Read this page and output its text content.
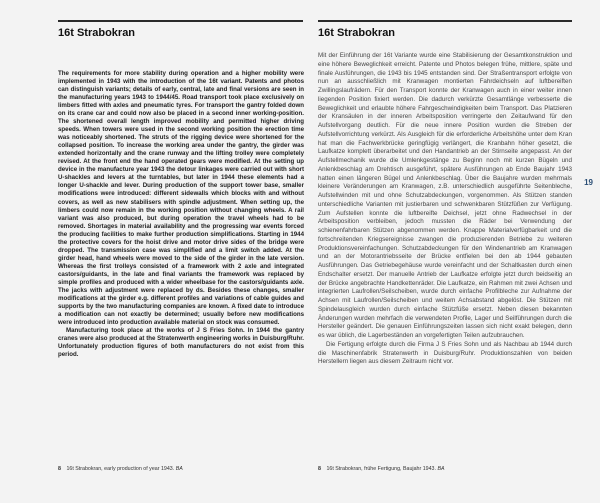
16t Strabokran

The requirements for more stability during operation and a higher mobility were implemented in 1943 with the introduction of the 16t variant. Patents and photos can distinguish variants; details of early, central, late and final versions are seen in the manufacturing years 1943 to 1944/45. Road transport took place exclusively on limbers fitted with axles and pneumatic tyres. For transport the gantry folded down on its crane car and could now also be placed in a second inner working-position. The shortened overall length improved mobility and permitted higher driving speeds. When towers were used in the second working position the erection time was noticeably shortened. The struts of the rigging device were shortened for the collapsed position. To increase the working area under the gantry, the girder was extended horizontally and the crane runway and the lifting trolley were completely revised. At the front end the hand operated gears were modified. At the setting up device in the manufacture year 1943 the detour linkages were carried out with short U-shackles and levers at the turntables, but later in 1944 these elements had a longer U-shackle and lever. During production of the support tower base, smaller modifications were introduced: different sidewalls which blocks with and without covers, as well as new stabilisers with spindle adjustment. When setting up, the limbers could now remain in the working position without changing wheels. A rail variant was also produced, but during operation the travel wheels had to be removed. Shortages in material availability and the progressing war events forced the producing facilities to make further production simplifications. Starting in 1944 the protective covers for the hoist drive and motor drive sides of the bridge were dropped. The transmission case was simplified and a limit switch added. At the girder head, hand wheels were moved to the side of the girder in the late version. Whereas the first trolleys consisted of a framework with 2 axle and integrated castors/guidants, in the late and final variants the framework was replaced by simple profiles and produced with a wider wheelbase for the castors/guidants axle. The jacks with adjustment were replaced by ds. Besides these changes, smaller modifications at the girder e.g. different profiles and variations of cable guides and supports by the two manufacturing companies are known. A fixed date to introduce a modification can not exactly be determined; usually before new modifications were introduced into production available material on stock was consumed.

Manufacturing took place at the works of J S Fries Sohn. In 1944 the gantry cranes were also produced at the Stratenwerth engineering works in Duisburg/Ruhr. Unfortunately production figures of both manufacturers do not exist from this period.

8 16t Strabokran, early production of year 1943. BA
16t Strabokran

Mit der Einführung der 16t Variante wurde eine Stabilisierung der Gesamtkonstruktion und eine höhere Beweglichkeit erreicht. Patente und Photos belegen frühe, mittlere, späte und finale Ausführungen, die 1943 bis 1945 entstanden sind. Der Straßentransport erfolgte von nun an ausschließlich mit Kranwagen montierten Fahrdeichseln auf luftbereiften Zwillingslaufrädern. Für den Transport konnte der Kranwagen auch in einer weiter innen liegenden Position fixiert werden. Die dadurch verkürzte Gesamtlänge verbesserte die Beweglichkeit und erlaubte höhere Fahrgeschwindigkeiten beim Transport. Das Platzieren der Kransäulen in der inneren Arbeitsposition verringerte den Zeitaufwand für den Aufstellvorgang deutlich. Für die neue innere Position wurden die Streben der Aufstellvorrichtung verkürzt. Als Ausgleich für die erforderliche Arbeitshöhe unter dem Kran hat man die Fachwerkbrücke geringfügig verlängert, die Kranbahn höher gesetzt, die Laufkatze komplett überarbeitet und den Handantrieb an der Stirnseite angepasst. An der Aufstellmechanik wurde die Umlenkgestänge zu Beginn noch mit kurzen Bügeln und Anlenkbeschlag am Drehtisch ausgeführt, spätere Ausführungen ab Ende Baujahr 1943 hatten einen längeren Bügel und Anlenkbeschlag. Über die Baujahre wurden mehrmals kleinere Veränderungen am Kranwagen, z.B. unterschiedlich ausgeführte Seitenbleche, Aufstellwinden mit und ohne Schutzabdeckungen, vorgenommen. Als Stützen standen unterschiedliche Varianten mit justierbaren und schwenkbaren Stützfüßen zur Verfügung. Zum Aufstellen konnte die luftbereifte Deichsel, jetzt ohne Radwechsel in der Arbeitsposition verbleiben, jedoch mussten die Räder bei Verwendung der schienenfahrbaren Stützen abgenommen werden. Knappe Materialverfügbarkeit und die fortschreitenden Kriegsereignisse zwangen die produzierenden Betriebe zu weiteren Produktionsvereinfachungen. Schutzabdeckungen für den Windenantrieb am Kranwagen und an der Motorantriebsseite der Brücke entfielen bei den ab 1944 gebauten Ausführungen. Das Getriebegehäuse wurde vereinfacht und der Schaltkasten durch einen Endschalter ersetzt. Der manuelle Antrieb der Laufkatze erfolgte jetzt durch beidseitig an der Brücke angebrachte Handkettenräder. Die Laufkatze, ein Rahmen mit zwei Achsen und integrierten Laufrollen/Seilscheiben, wurde durch einfache Profilbleche zur Aufnahme der Achsen mit Laufrollen/Seilscheiben und weitem Achsabstand abgelöst. Die Stützen mit Spindelausgleich wurden durch einfache Stützfüße ersetzt. Neben diesen bekannten Änderungen wurden mehrfach die verwendeten Profile, Lager und Seilführungen durch die Hersteller geändert. Die genauen Einführungszeiten lassen sich nicht exakt belegen, denn es war üblich, die Lagerbeständen an vorgefertigten Teilen aufzubrauchen.

Die Fertigung erfolgte durch die Firma J S Fries Sohn und als Nachbau ab 1944 durch die Maschinenfabrik Stratenwerth in Duisburg/Ruhr. Produktionszahlen von beiden Herstellern liegen aus diesem Zeitraum nicht vor.

8 16t Strabokran, frühe Fertigung, Baujahr 1943. BA
19
